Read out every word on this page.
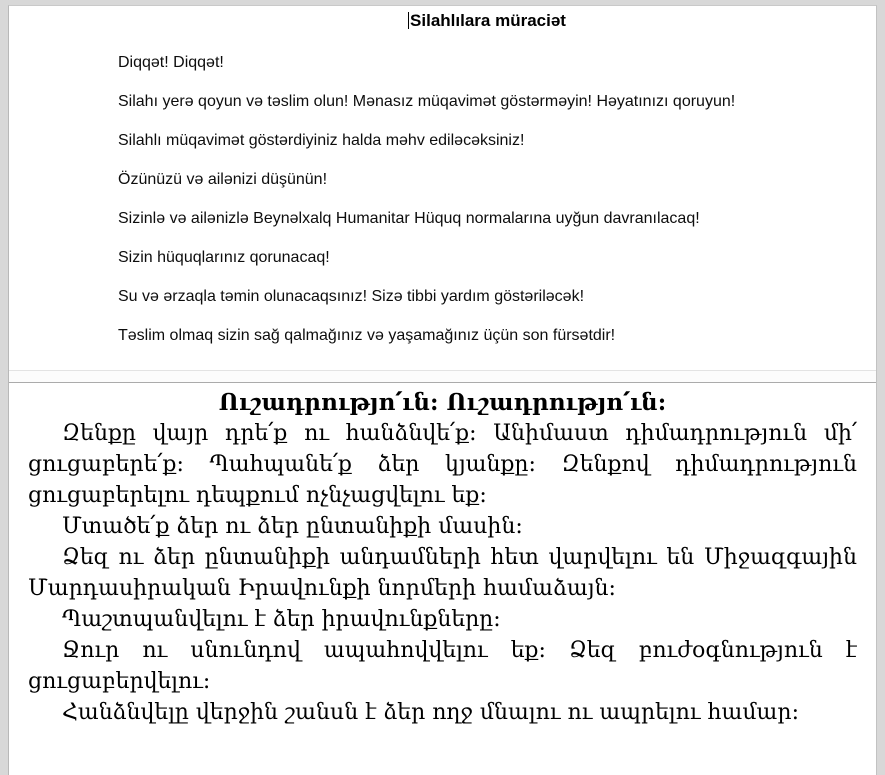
Silahlılara müraciət

Diqqət! Diqqət!

Silahı yerə qoyun və təslim olun! Mənasız müqavimət göstərməyin! Həyatınızı qoruyun!

Silahlı müqavimət göstərdiyiniz halda məhv ediləcəksiniz!

Özünüzü və ailənizi düşünün!

Sizinlə və ailənizlə Beynəlxalq Humanitar Hüquq normalarına uyğun davranılacaq!

Sizin hüquqlarınız qorunacaq!

Su və ərzaqla təmin olunacaqsınız! Sizə tibbi yardım göstəriləcək!

Təslim olmaq sizin sağ qalmağınız və yaşamağınız üçün son fürsətdir!

Ուշադրությո՛ւն: Ուշադրությո՛ւն:

Զենքը վայր դրե՛ք ու հանձնվե՛ք: Անիմաստ դիմադրություն մի՛ ցուցաբերե՛ք: Պահպանե՛ք ձեր կյանքը: Զենքով դիմադրություն ցուցաբերելու դեպքում ոչնչացվելու եք:

Մտածե՛ք ձեր ու ձեր ընտանիքի մասին:

Ձեզ ու ձեր ընտանիքի անդամների հետ վարվելու են Միջազգային Մարդասիրական Իրավունքի նորմերի համաձայն:

Պաշտպանվելու է ձեր իրավունքները:

Ջուր ու սնունդով ապահովվելու եք: Ձեզ բուժօգնություն է ցուցաբերվելու:

Հանձնվելը վերջին շանսն է ձեր ողջ մնալու ու ապրելու համար:
